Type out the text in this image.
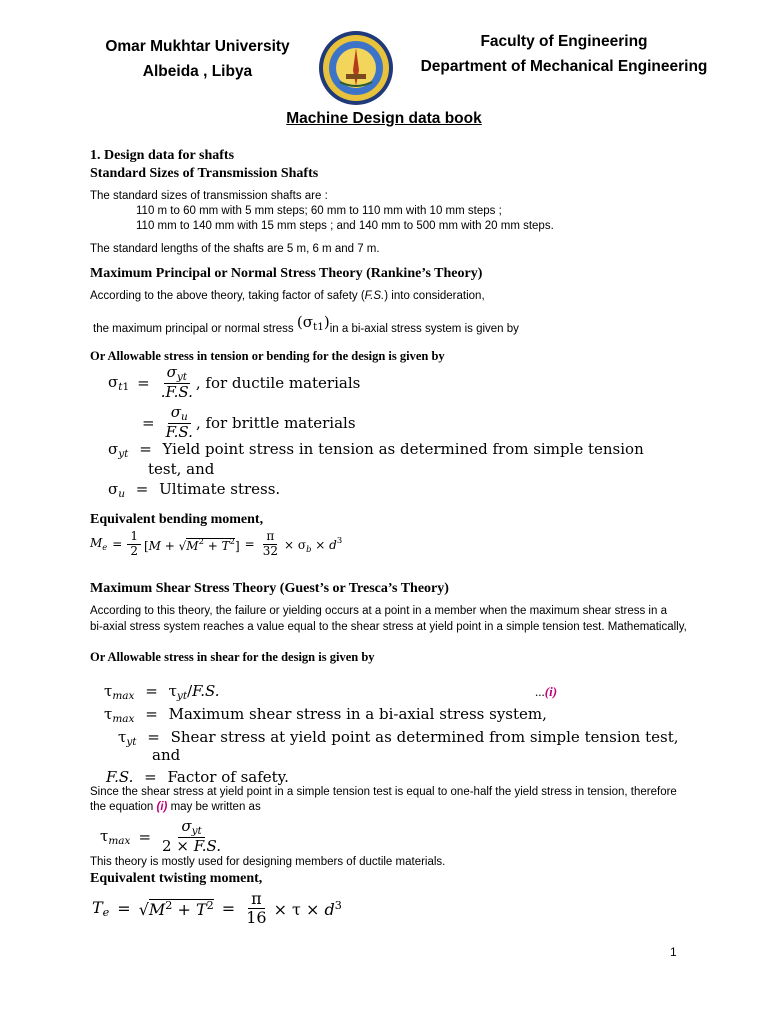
Omar Mukhtar University
Albeida , Libya
Faculty of Engineering
Department of Mechanical Engineering
Machine Design data book
1. Design data for shafts
Standard Sizes of Transmission Shafts
The standard sizes of transmission shafts are :
110 m to 60 mm with 5 mm steps; 60 mm to 110 mm with 10 mm steps ;
110 mm to 140 mm with 15 mm steps ; and 140 mm to 500 mm with 20 mm steps.
The standard lengths of the shafts are 5 m, 6 m and 7 m.
Maximum Principal or Normal Stress Theory (Rankine’s Theory)
According to the above theory, taking factor of safety (F.S.) into consideration,
the maximum principal or normal stress $(\sigma_{t1})in$ a bi-axial stress system is given by
Or Allowable stress in tension or bending for the design is given by
$\sigma_{t1} = \frac{\sigma_{yt}}{.F.S.}$ , for ductile materials
= $\frac{\sigma_u}{F.S.}$ , for brittle materials
$\sigma_{yt}$ = Yield point stress in tension as determined from simple tension
test, and
$\sigma_u$ = Ultimate stress.
Equivalent bending moment,
$M_e = \frac{1}{2} [M + √M^2 + T^2] = \frac{\pi}{32} \times \sigma_b \times d^3$
Maximum Shear Stress Theory (Guest’s or Tresca’s Theory)
According to this theory, the failure or yielding occurs at a point in a member when the maximum shear stress in a
bi-axial stress system reaches a value equal to the shear stress at yield point in a simple tension test. Mathematically,
Or Allowable stress in shear for the design is given by
$\tau_{max} = \tau_{yt}/F.S$.	...(i)
$\tau_{max}$ = Maximum shear stress in a bi-axial stress system,
$\tau_{yt}$ = Shear stress at yield point as determined from simple tension test,
and
F.S. = Factor of safety.
Since the shear stress at yield point in a simple tension test is equal to one-half the yield stress in tension, therefore
the equation (i) may be written as
$\tau_{max} = \frac{\sigma_{yt}}{2 \times F.S.}$
This theory is mostly used for designing members of ductile materials.
Equivalent twisting moment,
$T_e = √M^2 + T^2 = \frac{\pi}{16} \times \tau \times d^3$
1
